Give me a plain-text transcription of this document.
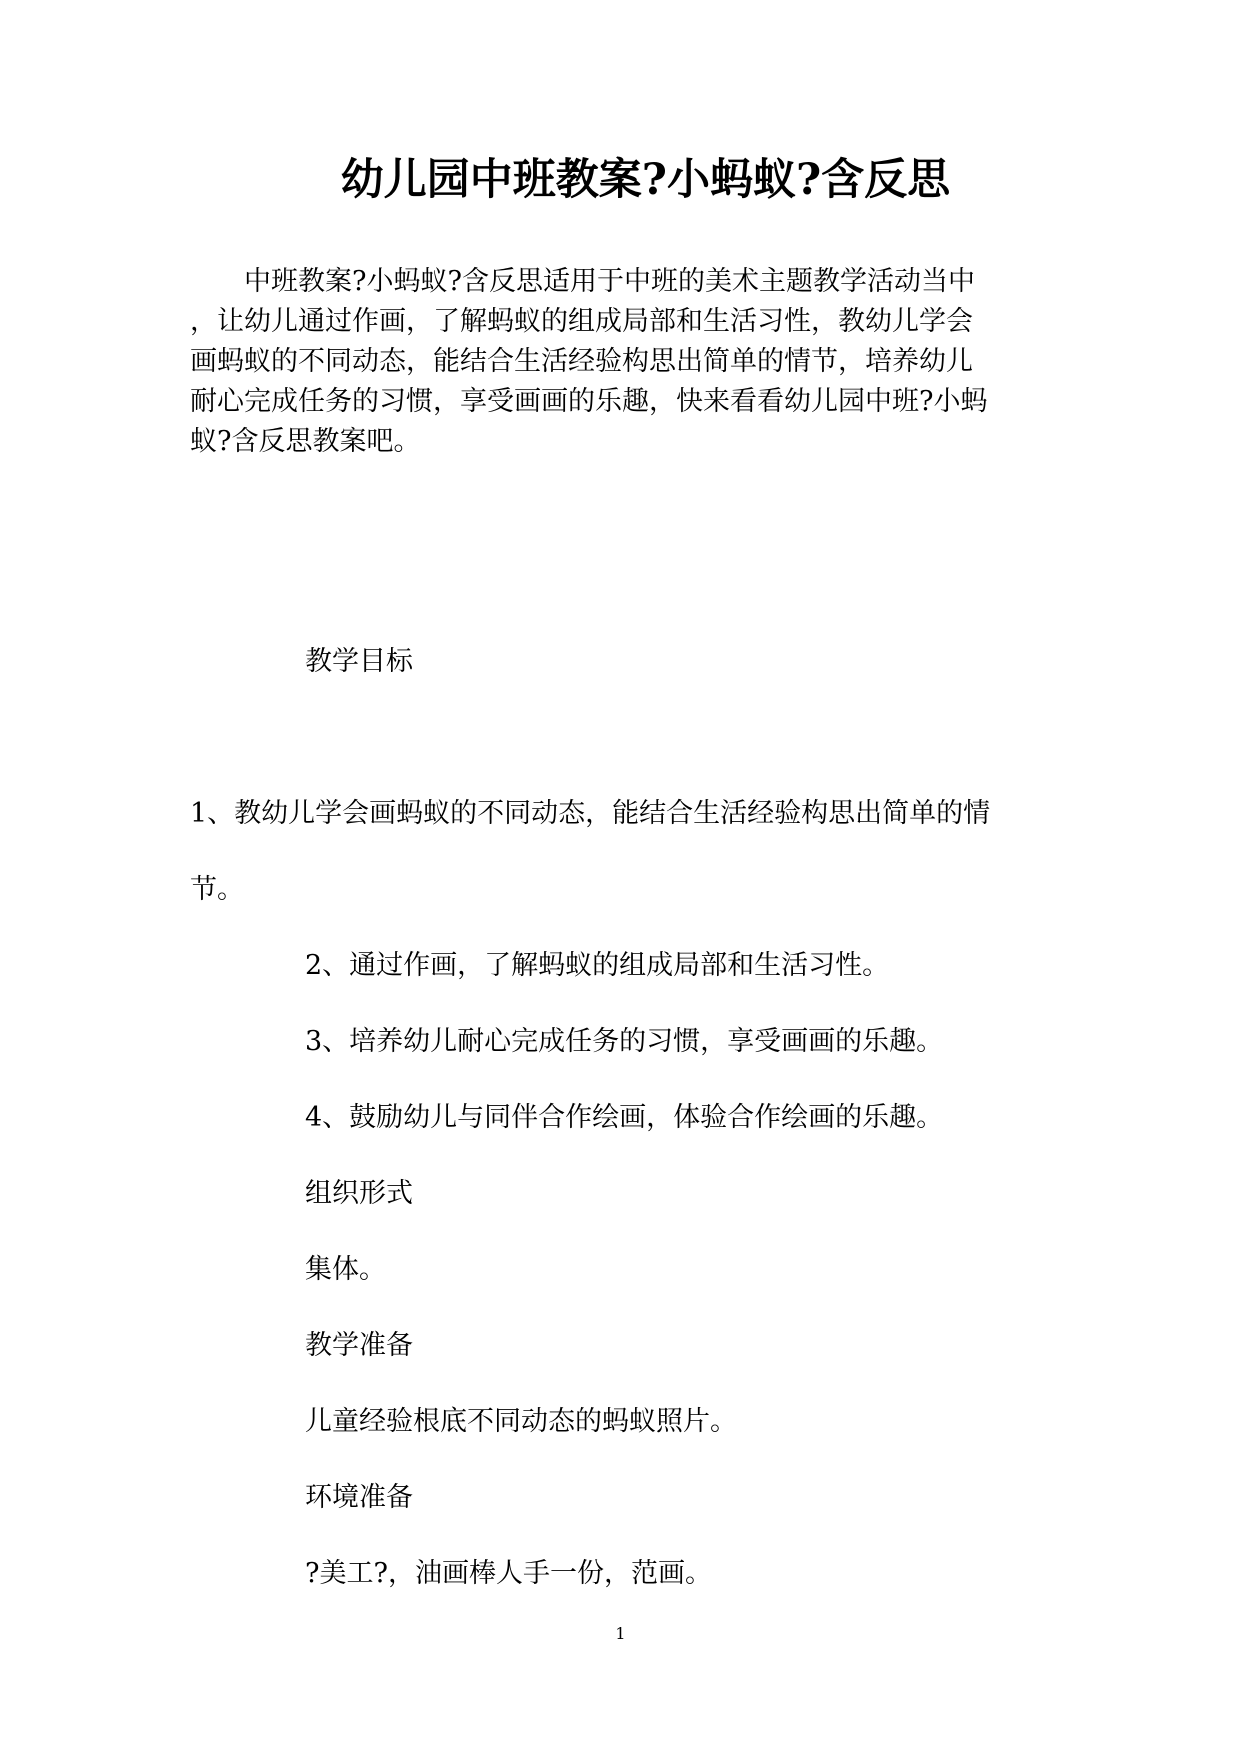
幼儿园中班教案?小蚂蚁?含反思
　　中班教案?小蚂蚁?含反思适用于中班的美术主题教学活动当中
，让幼儿通过作画，了解蚂蚁的组成局部和生活习性，教幼儿学会
画蚂蚁的不同动态，能结合生活经验构思出简单的情节，培养幼儿
耐心完成任务的习惯，享受画画的乐趣，快来看看幼儿园中班?小蚂
蚁?含反思教案吧。
教学目标
1、教幼儿学会画蚂蚁的不同动态，能结合生活经验构思出简单的情
节。
2、通过作画，了解蚂蚁的组成局部和生活习性。
3、培养幼儿耐心完成任务的习惯，享受画画的乐趣。
4、鼓励幼儿与同伴合作绘画，体验合作绘画的乐趣。
组织形式
集体。
教学准备
儿童经验根底不同动态的蚂蚁照片。
环境准备
?美工?，油画棒人手一份，范画。
1
